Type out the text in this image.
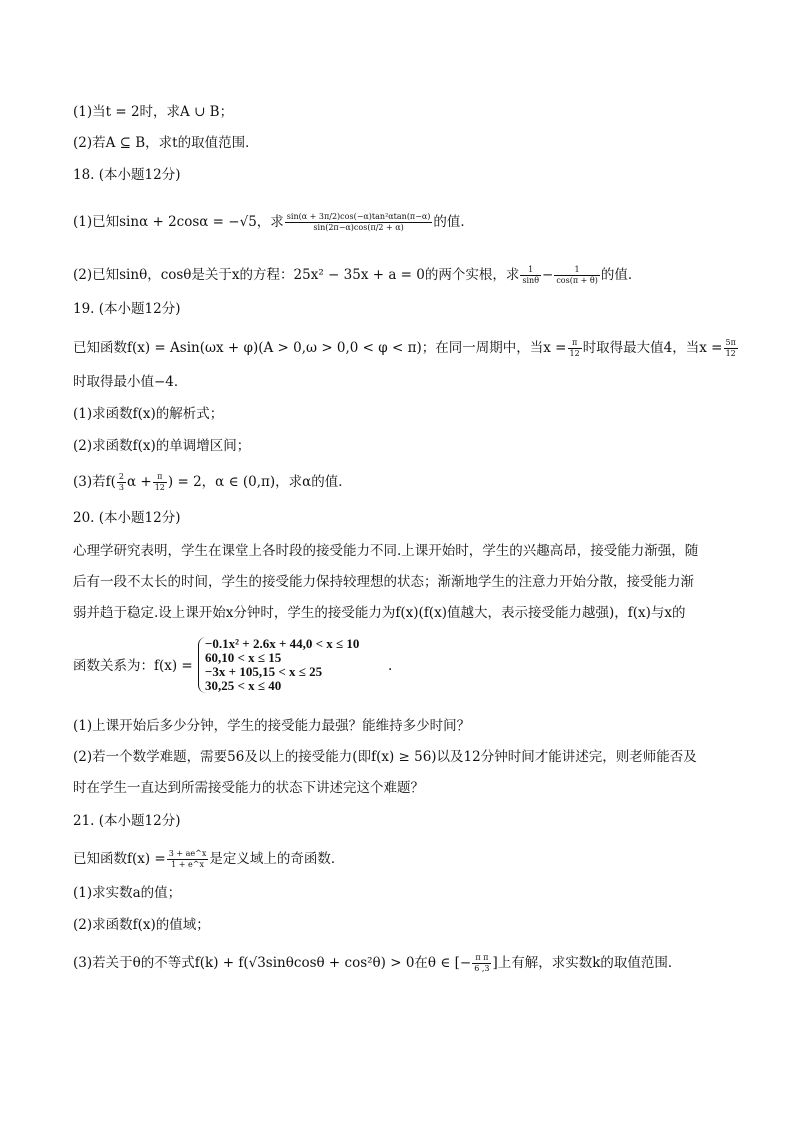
(1)当t = 2时，求A ∪ B；
(2)若A ⊆ B，求t的取值范围．
18. (本小题12分)
(1)已知sinα + 2cosα = −√5，求 $\frac{\text{sin(α + 3π/2)cos(−α)tan²αtan(π−α)}}{\sin(2\pi-\alpha)\cos(\pi/2 + \alpha)}$ 的值．
(2)已知sinθ，cosθ是关于x的方程：25x² − 35x + a = 0的两个实根，求 $\frac{1}{\sin\theta} - \frac{1}{\cos(\pi + \theta)}$ 的值．
19. (本小题12分)
已知函数f(x) = Asin(ωx + φ)(A > 0,ω > 0,0 < φ < π)；在同一周期中，当$x = \frac{\pi}{12}$ 时取得最大值4，当$x = \frac{5\pi}{12}$
时取得最小值−4．
(1)求函数f(x)的解析式；
(2)求函数f(x)的单调增区间；
(3)若$f( \frac{2}{3}$ $\alpha + \frac{\pi}{12}$ ) = 2，α ∈ (0,π)，求α的值．
20. (本小题12分)
心理学研究表明，学生在课堂上各时段的接受能力不同.上课开始时，学生的兴趣高昂，接受能力渐强，随
后有一段不太长的时间，学生的接受能力保持较理想的状态；渐渐地学生的注意力开始分散，接受能力渐
弱并趋于稳定.设上课开始x分钟时，学生的接受能力为f(x)(f(x)值越大，表示接受能力越强)，f(x)与x的
函数关系为：f(x) =
−0.1x² + 2.6x + 44,0 < x ≤ 10
60,10 < x ≤ 15
−3x + 105,15 < x ≤ 25
30,25 < x ≤ 40
.
(1)上课开始后多少分钟，学生的接受能力最强？能维持多少时间？
(2)若一个数学难题，需要56及以上的接受能力(即f(x) ≥ 56)以及12分钟时间才能讲述完，则老师能否及
时在学生一直达到所需接受能力的状态下讲述完这个难题？
21. (本小题12分)
已知函数$f(x) = \frac{3 + ae\^{}x}{1 + e\^{}x}$ 是定义域上的奇函数．
(1)求实数a的值；
(2)求函数f(x)的值域；
(3)若关于θ的不等式f(k) + f(√3sinθcosθ + cos²θ) > 0在θ ∈ [− $\frac{\text{π π}}{6 ,3}$ ]上有解，求实数k的取值范围．
